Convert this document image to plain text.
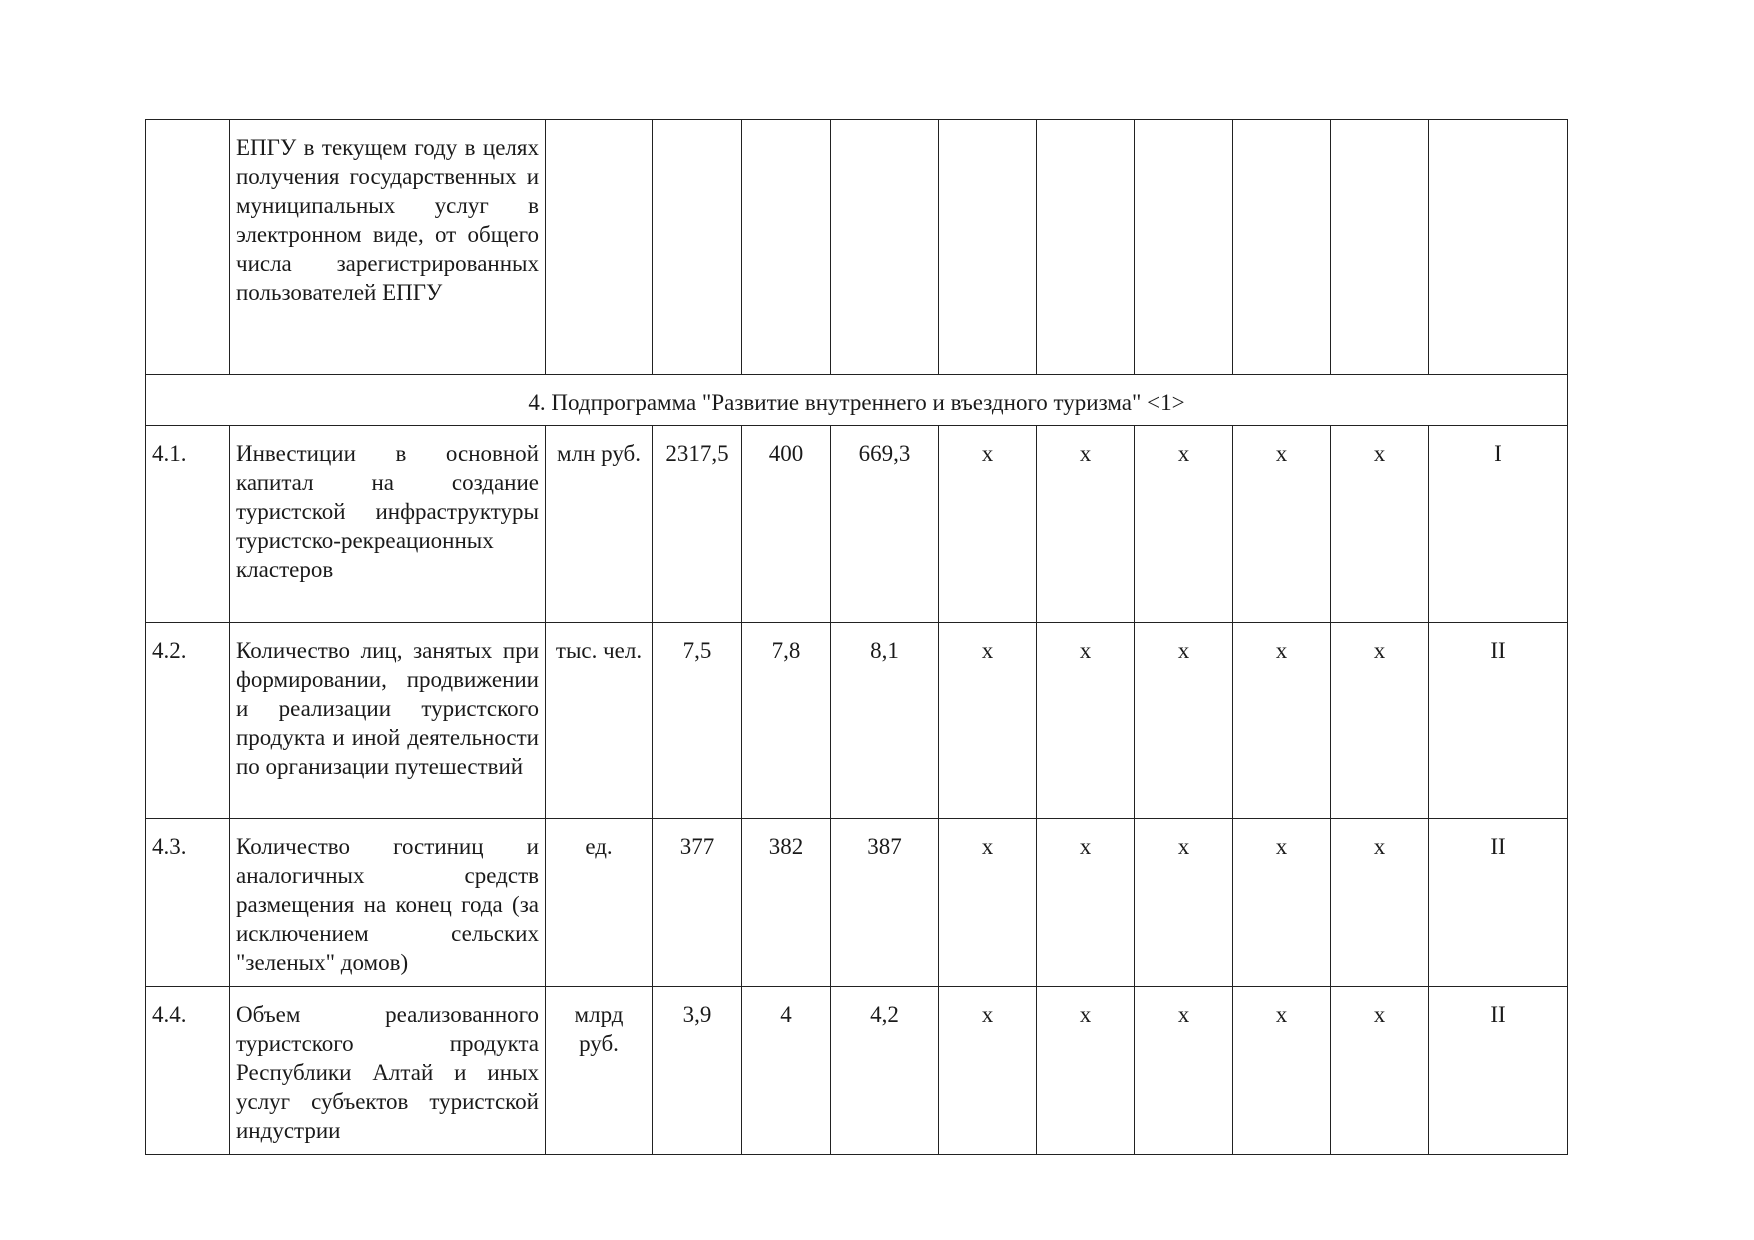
	ЕПГУ в текущем году в целях получения государственных и муниципальных услуг в электронном виде, от общего числа зарегистрированных пользователей ЕПГУ										
4. Подпрограмма "Развитие внутреннего и въездного туризма" <1>											
4.1.	Инвестиции в основной капитал на создание туристской инфраструктуры туристско-рекреационных кластеров	млн руб.	2317,5	400	669,3	x	x	x	x	x	I
4.2.	Количество лиц, занятых при формировании, продвижении и реализации туристского продукта и иной деятельности по организации путешествий	тыс. чел.	7,5	7,8	8,1	x	x	x	x	x	II
4.3.	Количество гостиниц и аналогичных средств размещения на конец года (за исключением сельских "зеленых" домов)	ед.	377	382	387	x	x	x	x	x	II
4.4.	Объем реализованного туристского продукта Республики Алтай и иных услуг субъектов туристской индустрии	млрд руб.	3,9	4	4,2	x	x	x	x	x	II
